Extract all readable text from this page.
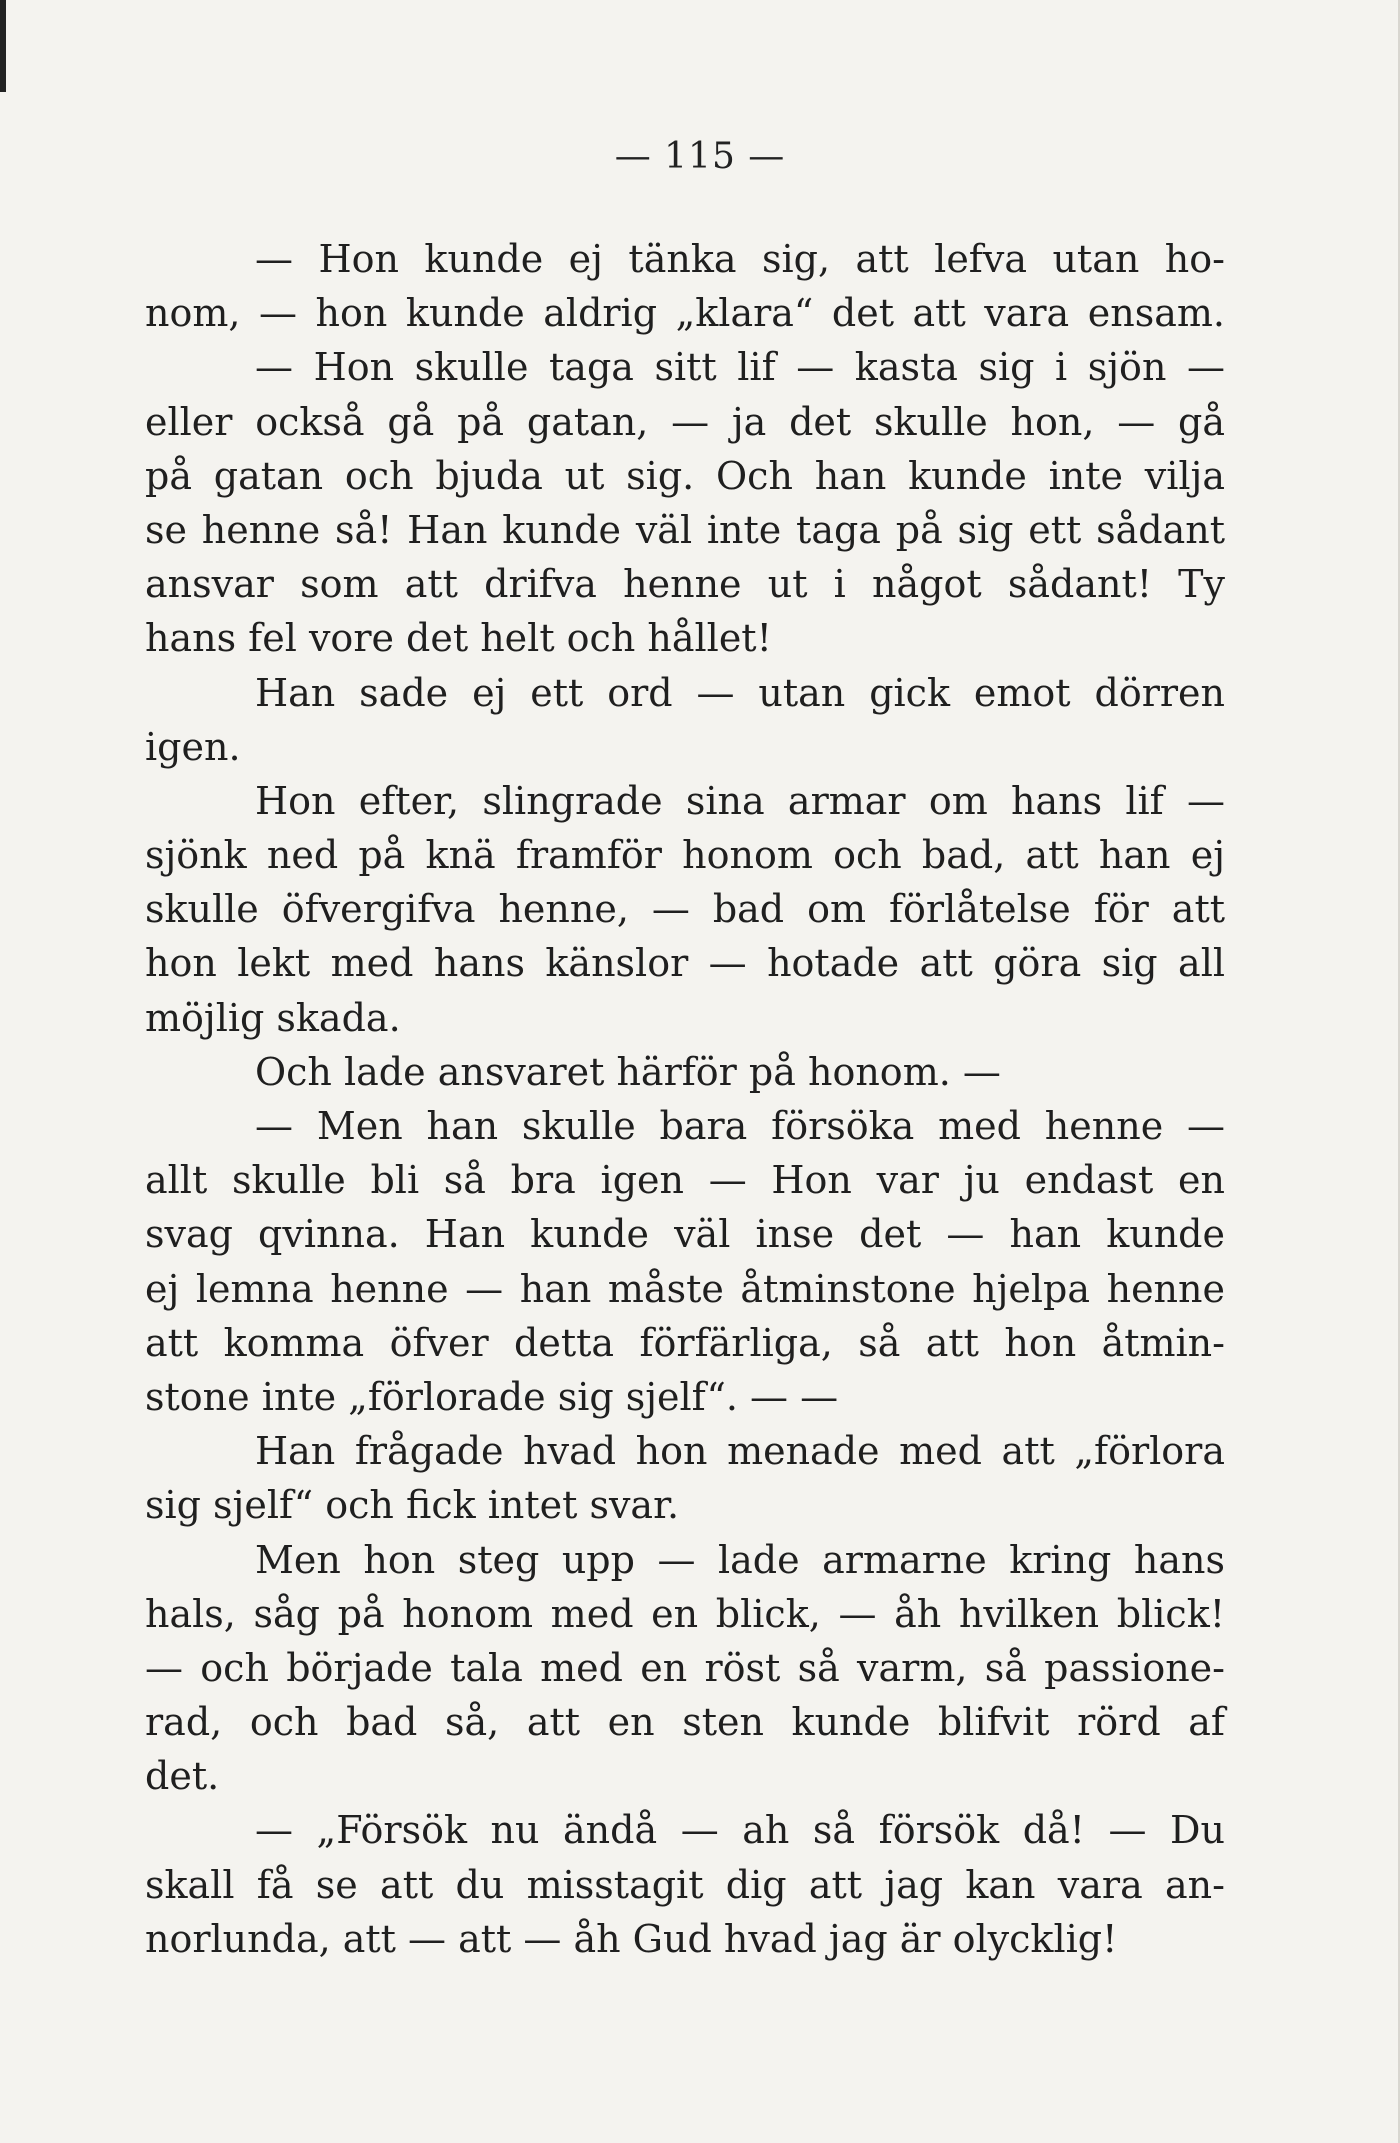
— 115 —
— Hon kunde ej tänka sig, att lefva utan ho-
nom, — hon kunde aldrig „klara“ det att vara ensam.
— Hon skulle taga sitt lif — kasta sig i sjön —
eller också gå på gatan, — ja det skulle hon, — gå
på gatan och bjuda ut sig. Och han kunde inte vilja
se henne så! Han kunde väl inte taga på sig ett sådant
ansvar som att drifva henne ut i något sådant! Ty
hans fel vore det helt och hållet!
Han sade ej ett ord — utan gick emot dörren
igen.
Hon efter, slingrade sina armar om hans lif —
sjönk ned på knä framför honom och bad, att han ej
skulle öfvergifva henne, — bad om förlåtelse för att
hon lekt med hans känslor — hotade att göra sig all
möjlig skada.
Och lade ansvaret härför på honom. —
— Men han skulle bara försöka med henne —
allt skulle bli så bra igen — Hon var ju endast en
svag qvinna. Han kunde väl inse det — han kunde
ej lemna henne — han måste åtminstone hjelpa henne
att komma öfver detta förfärliga, så att hon åtmin-
stone inte „förlorade sig sjelf“. — —
Han frågade hvad hon menade med att „förlora
sig sjelf“ och fick intet svar.
Men hon steg upp — lade armarne kring hans
hals, såg på honom med en blick, — åh hvilken blick!
— och började tala med en röst så varm, så passione-
rad, och bad så, att en sten kunde blifvit rörd af
det.
— „Försök nu ändå — ah så försök då! — Du
skall få se att du misstagit dig att jag kan vara an-
norlunda, att — att — åh Gud hvad jag är olycklig!
